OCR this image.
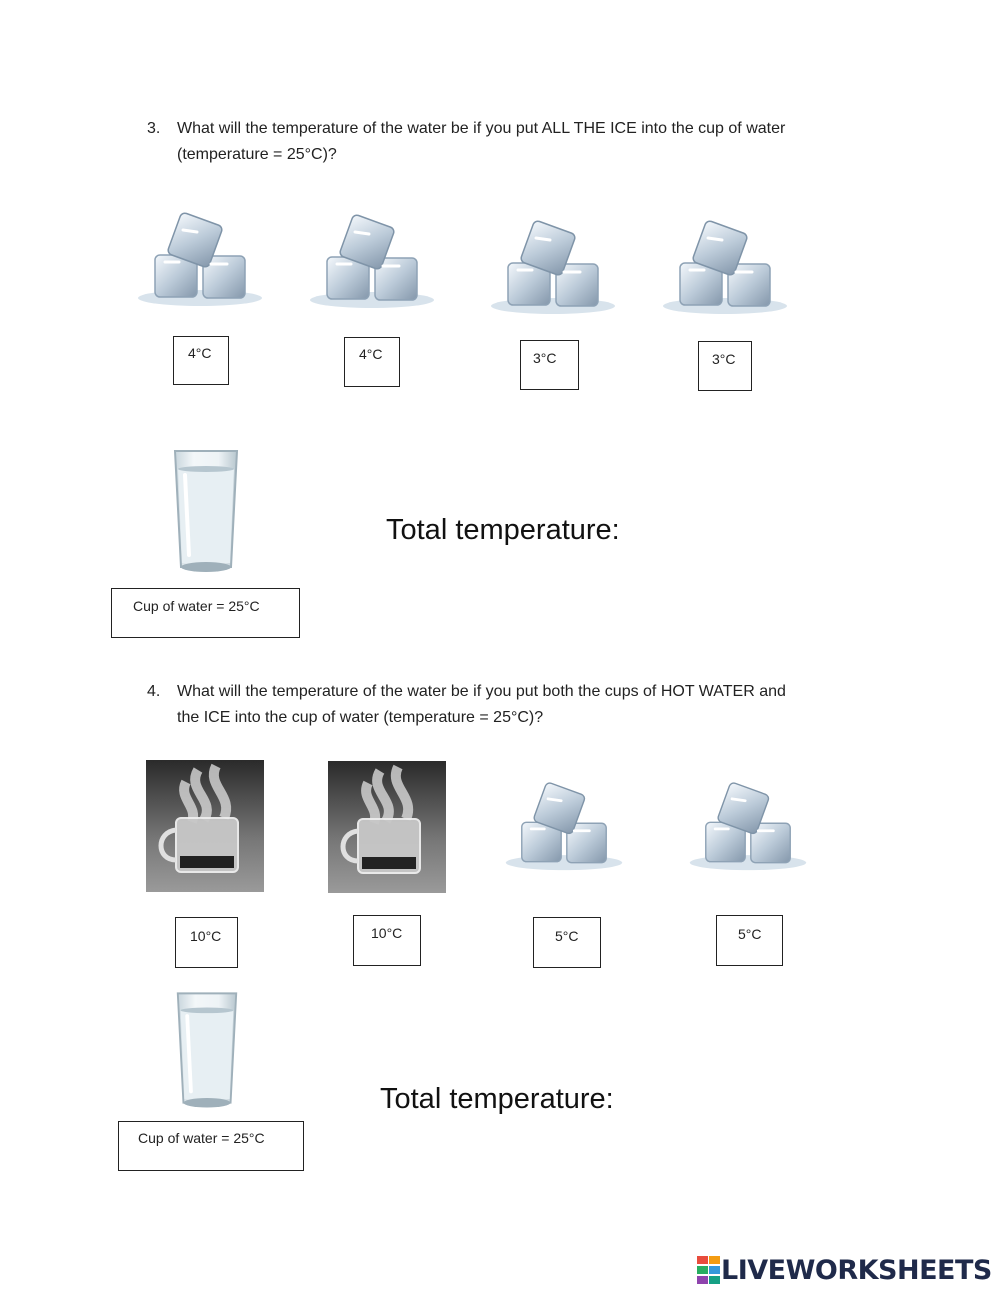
3. What will the temperature of the water be if you put ALL THE ICE into the cup of water
(temperature = 25°C)?
4°C	4°C	3°C	3°C
Total temperature:
Cup of water = 25°C
4. What will the temperature of the water be if you put both the cups of HOT WATER and
the ICE into the cup of water (temperature = 25°C)?
10°C	10°C	5°C	5°C
Total temperature:
Cup of water = 25°C
LIVEWORKSHEETS
